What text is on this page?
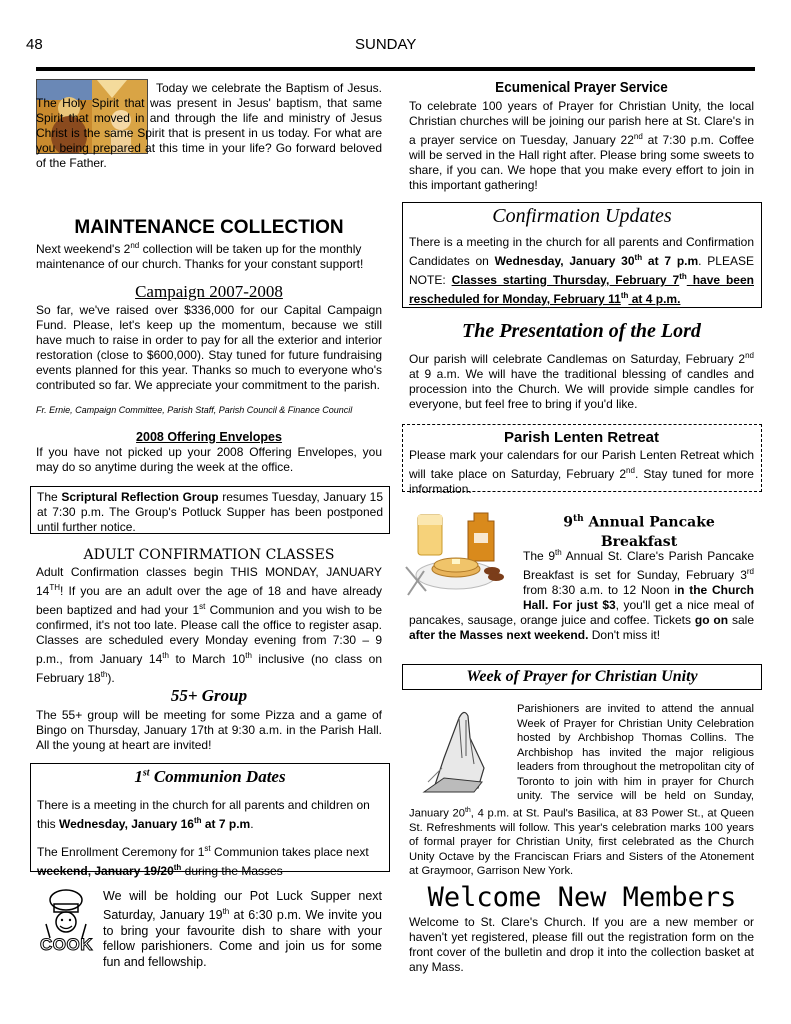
48	SUNDAY

Today we celebrate the Baptism of Jesus. The Holy Spirit that was present in Jesus' baptism, that same Spirit that moved in and through the life and ministry of Jesus Christ is the same Spirit that is present in us today. For what are you being prepared at this time in your life? Go forward beloved of the Father.

MAINTENANCE COLLECTION

Next weekend's 2nd collection will be taken up for the monthly maintenance of our church. Thanks for your constant support!

Campaign 2007-2008

So far, we've raised over $336,000 for our Capital Campaign Fund. Please, let's keep up the momentum, because we still have much to raise in order to pay for all the exterior and interior restoration (close to $600,000). Stay tuned for future fundraising events planned for this year. Thanks so much to everyone who's contributed so far. We appreciate your commitment to the parish.

Fr. Ernie, Campaign Committee, Parish Staff, Parish Council & Finance Council
2008 Offering Envelopes

If you have not picked up your 2008 Offering Envelopes, you may do so anytime during the week at the office.

The Scriptural Reflection Group resumes Tuesday, January 15 at 7:30 p.m. The Group's Potluck Supper has been postponed until further notice.

ADULT CONFIRMATION CLASSES

Adult Confirmation classes begin THIS MONDAY, JANUARY 14TH! If you are an adult over the age of 18 and have already been baptized and had your 1st Communion and you wish to be confirmed, it's not too late. Please call the office to register asap. Classes are scheduled every Monday evening from 7:30 – 9 p.m., from January 14th to March 10th inclusive (no class on February 18th).

55+ Group

The 55+ group will be meeting for some Pizza and a game of Bingo on Thursday, January 17th at 9:30 a.m. in the Parish Hall. All the young at heart are invited!

1st Communion Dates

There is a meeting in the church for all parents and children on this Wednesday, January 16th at 7 p.m.

The Enrollment Ceremony for 1st Communion takes place next weekend, January 19/20th during the Masses

COOK

We will be holding our Pot Luck Supper next Saturday, January 19th at 6:30 p.m. We invite you to bring your favourite dish to share with your fellow parishioners. Come and join us for some fun and fellowship.

Ecumenical Prayer Service

To celebrate 100 years of Prayer for Christian Unity, the local Christian churches will be joining our parish here at St. Clare's in a prayer service on Tuesday, January 22nd at 7:30 p.m. Coffee will be served in the Hall right after. Please bring some sweets to share, if you can. We hope that you make every effort to join in this important gathering!

Confirmation Updates

There is a meeting in the church for all parents and Confirmation Candidates on Wednesday, January 30th at 7 p.m. PLEASE NOTE: Classes starting Thursday, February 7th have been rescheduled for Monday, February 11th at 4 p.m.

The Presentation of the Lord

Our parish will celebrate Candlemas on Saturday, February 2nd at 9 a.m. We will have the traditional blessing of candles and procession into the Church. We will provide simple candles for everyone, but feel free to bring if you'd like.

Parish Lenten Retreat

Please mark your calendars for our Parish Lenten Retreat which will take place on Saturday, February 2nd. Stay tuned for more information.

9th Annual Pancake Breakfast

The 9th Annual St. Clare's Parish Pancake Breakfast is set for Sunday, February 3rd from 8:30 a.m. to 12 Noon in the Church Hall. For just $3, you'll get a nice meal of pancakes, sausage, orange juice and coffee. Tickets go on sale after the Masses next weekend. Don't miss it!

Week of Prayer for Christian Unity

Parishioners are invited to attend the annual Week of Prayer for Christian Unity Celebration hosted by Archbishop Thomas Collins. The Archbishop has invited the major religious leaders from throughout the metropolitan city of Toronto to join with him in prayer for Church unity. The service will be held on Sunday, January 20th, 4 p.m. at St. Paul's Basilica, at 83 Power St., at Queen St. Refreshments will follow. This year's celebration marks 100 years of formal prayer for Christian Unity, first celebrated as the Church Unity Octave by the Franciscan Friars and Sisters of the Atonement at Graymoor, Garrison New York.

Welcome New Members

Welcome to St. Clare's Church. If you are a new member or haven't yet registered, please fill out the registration form on the front cover of the bulletin and drop it into the collection basket at any Mass.
